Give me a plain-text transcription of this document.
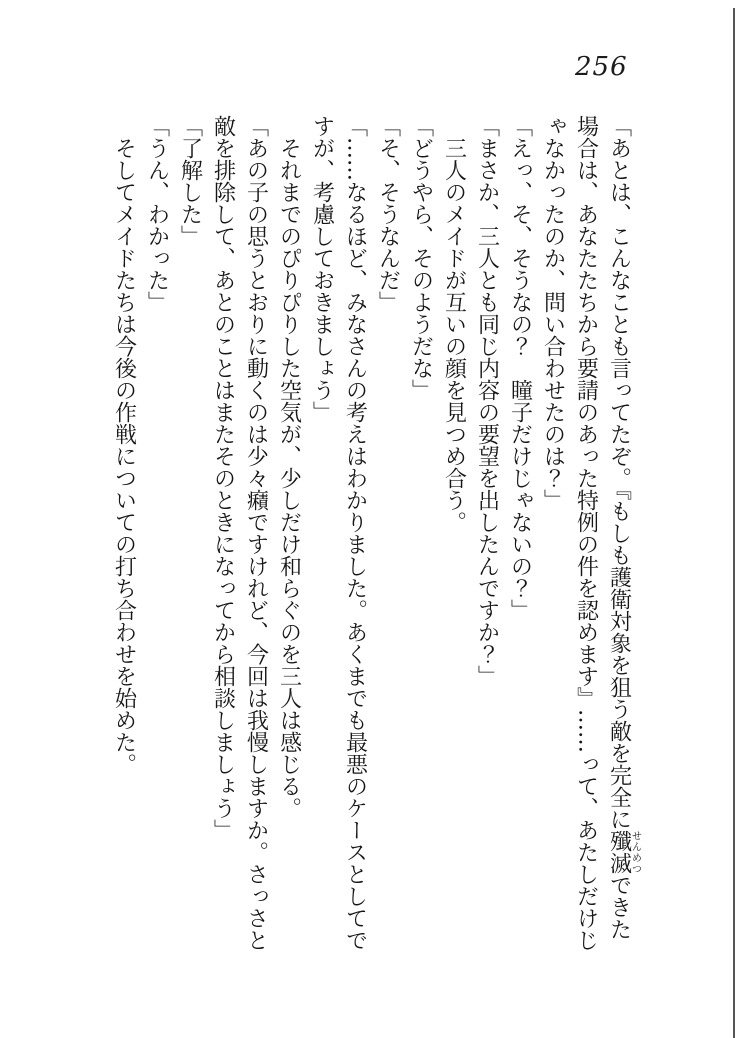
256
「あとは、こんなことも言ってたぞ。『もしも護衛対象を狙う敵を完全に殲滅せんめつできた
場合は、あなたたちから要請のあった特例の件を認めます』……って、あたしだけじ
ゃなかったのか、問い合わせたのは？」
「えっ、そ、そうなの？　瞳子だけじゃないの？」
「まさか、三人とも同じ内容の要望を出したんですか？」
三人のメイドが互いの顔を見つめ合う。
「どうやら、そのようだな」
「そ、そうなんだ」
「……なるほど、みなさんの考えはわかりました。あくまでも最悪のケースとしてで
すが、考慮しておきましょう」
それまでのぴりぴりした空気が、少しだけ和らぐのを三人は感じる。
「あの子の思うとおりに動くのは少々癪ですけれど、今回は我慢しますか。さっさと
敵を排除して、あとのことはまたそのときになってから相談しましょう」
「了解した」
「うん、わかった」
そしてメイドたちは今後の作戦についての打ち合わせを始めた。
